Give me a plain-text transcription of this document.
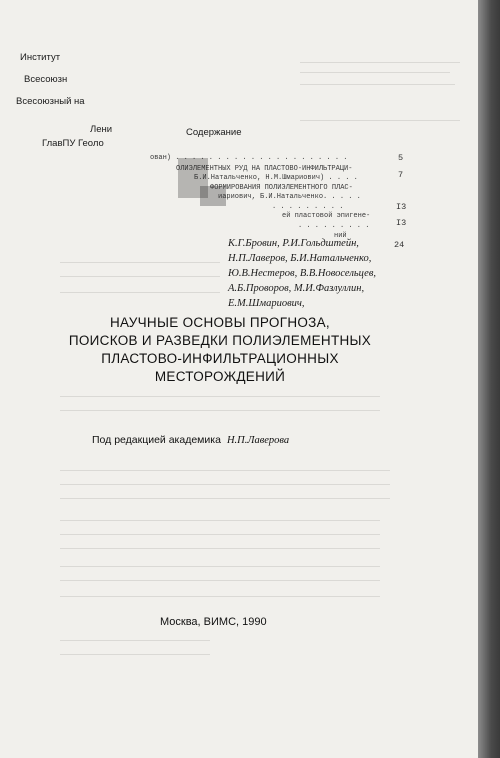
Институт
Всесоюзн
Всесоюзный на
Лени
ГлавПУ Геоло
Содержание
ован) . . . . . . . . . . . . . . . . . . . . .	5
ОЛИЭЛЕМЕНТНЫХ РУД НА ПЛАСТОВО-ИНФИЛЬТРАЦИ-
Б.И.Натальченко, Н.М.Шмариович) . . . .	7
ФОРМИРОВАНИЯ ПОЛИЭЛЕМЕНТНОГО ПЛАС-
иариович, Б.И.Натальченко. . . . .
. . . . . . . . .	I3
ей пластовой эпигене-
. . . . . . . . .	I3
ний
24
К.Г.Бровин, Р.И.Гольдштейн,
Н.П.Лаверов, Б.И.Натальченко,
Ю.В.Нестеров, В.В.Новосельцев,
А.Б.Проворов, М.И.Фазлуллин,
Е.М.Шмариович,
НАУЧНЫЕ ОСНОВЫ ПРОГНОЗА,
ПОИСКОВ И РАЗВЕДКИ ПОЛИЭЛЕМЕНТНЫХ
ПЛАСТОВО-ИНФИЛЬТРАЦИОННЫХ
МЕСТОРОЖДЕНИЙ
Под редакцией академика Н.П.Лаверова
Москва, ВИМС, 1990
